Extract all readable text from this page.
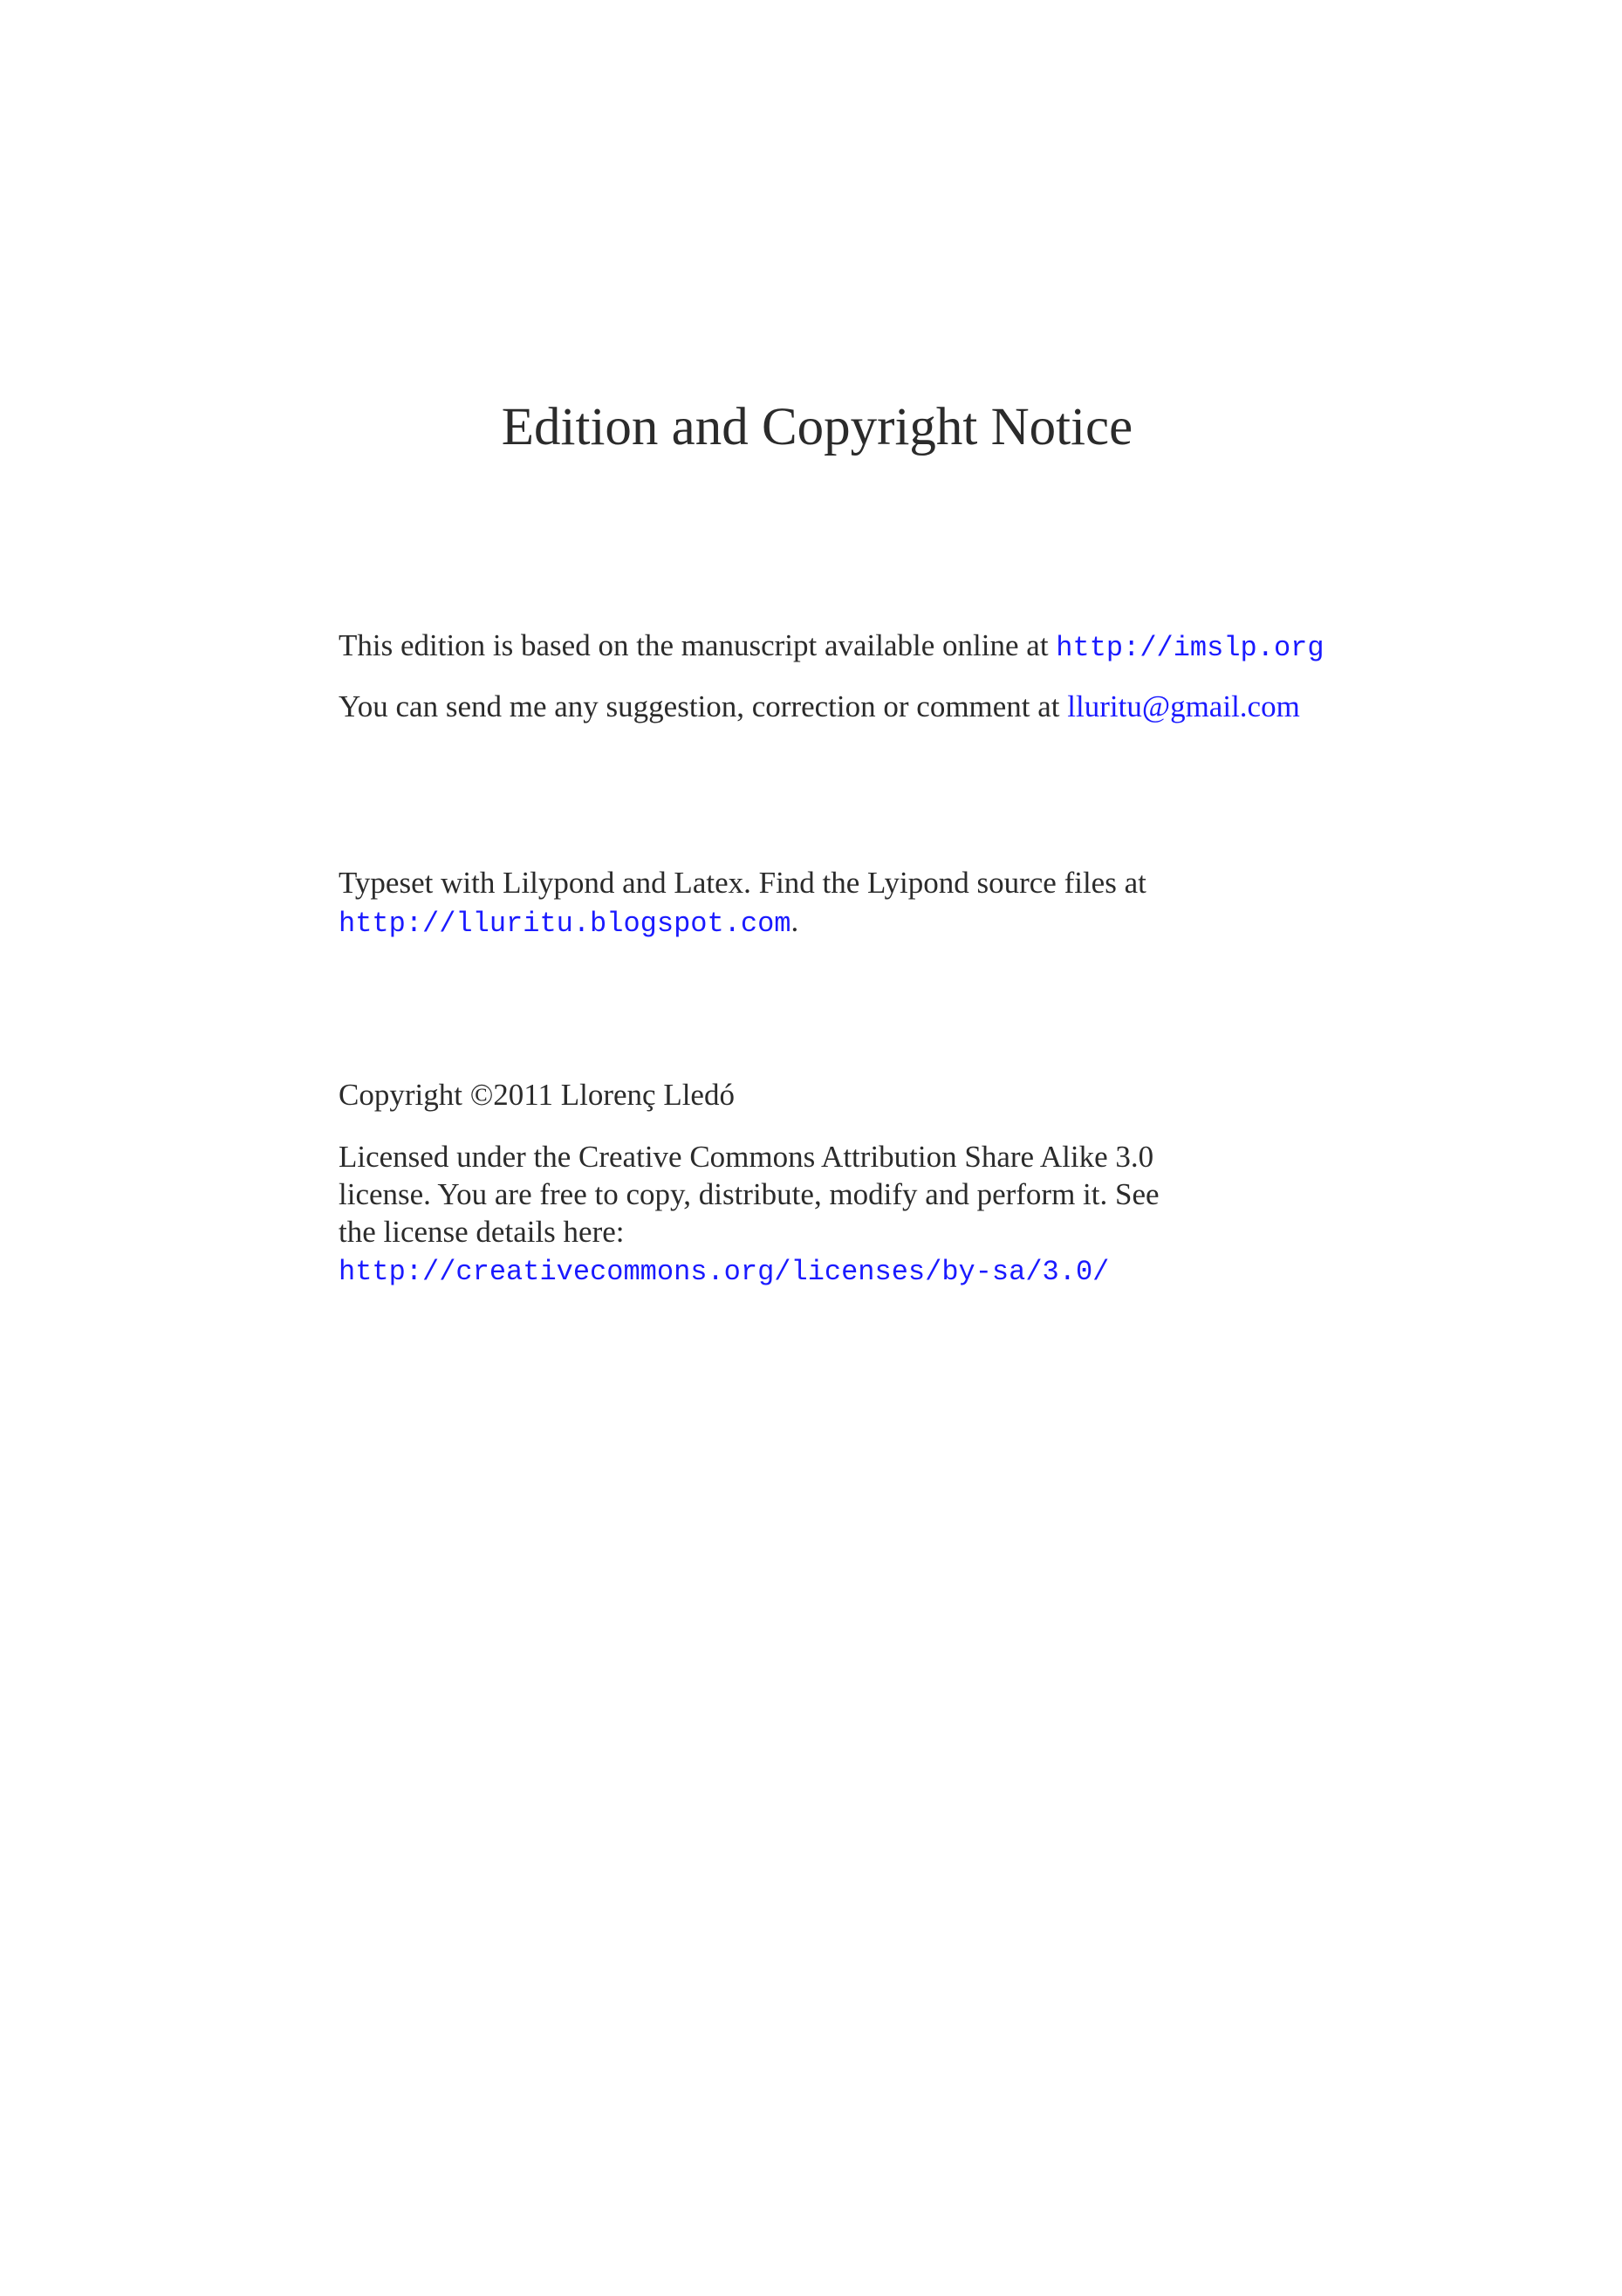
Edition and Copyright Notice
This edition is based on the manuscript available online at http://imslp.org
You can send me any suggestion, correction or comment at lluritu@gmail.com
Typeset with Lilypond and Latex. Find the Lyipond source files at
http://lluritu.blogspot.com.
Copyright ©2011 Llorenç Lledó
Licensed under the Creative Commons Attribution Share Alike 3.0
license. You are free to copy, distribute, modify and perform it. See
the license details here:
http://creativecommons.org/licenses/by-sa/3.0/
